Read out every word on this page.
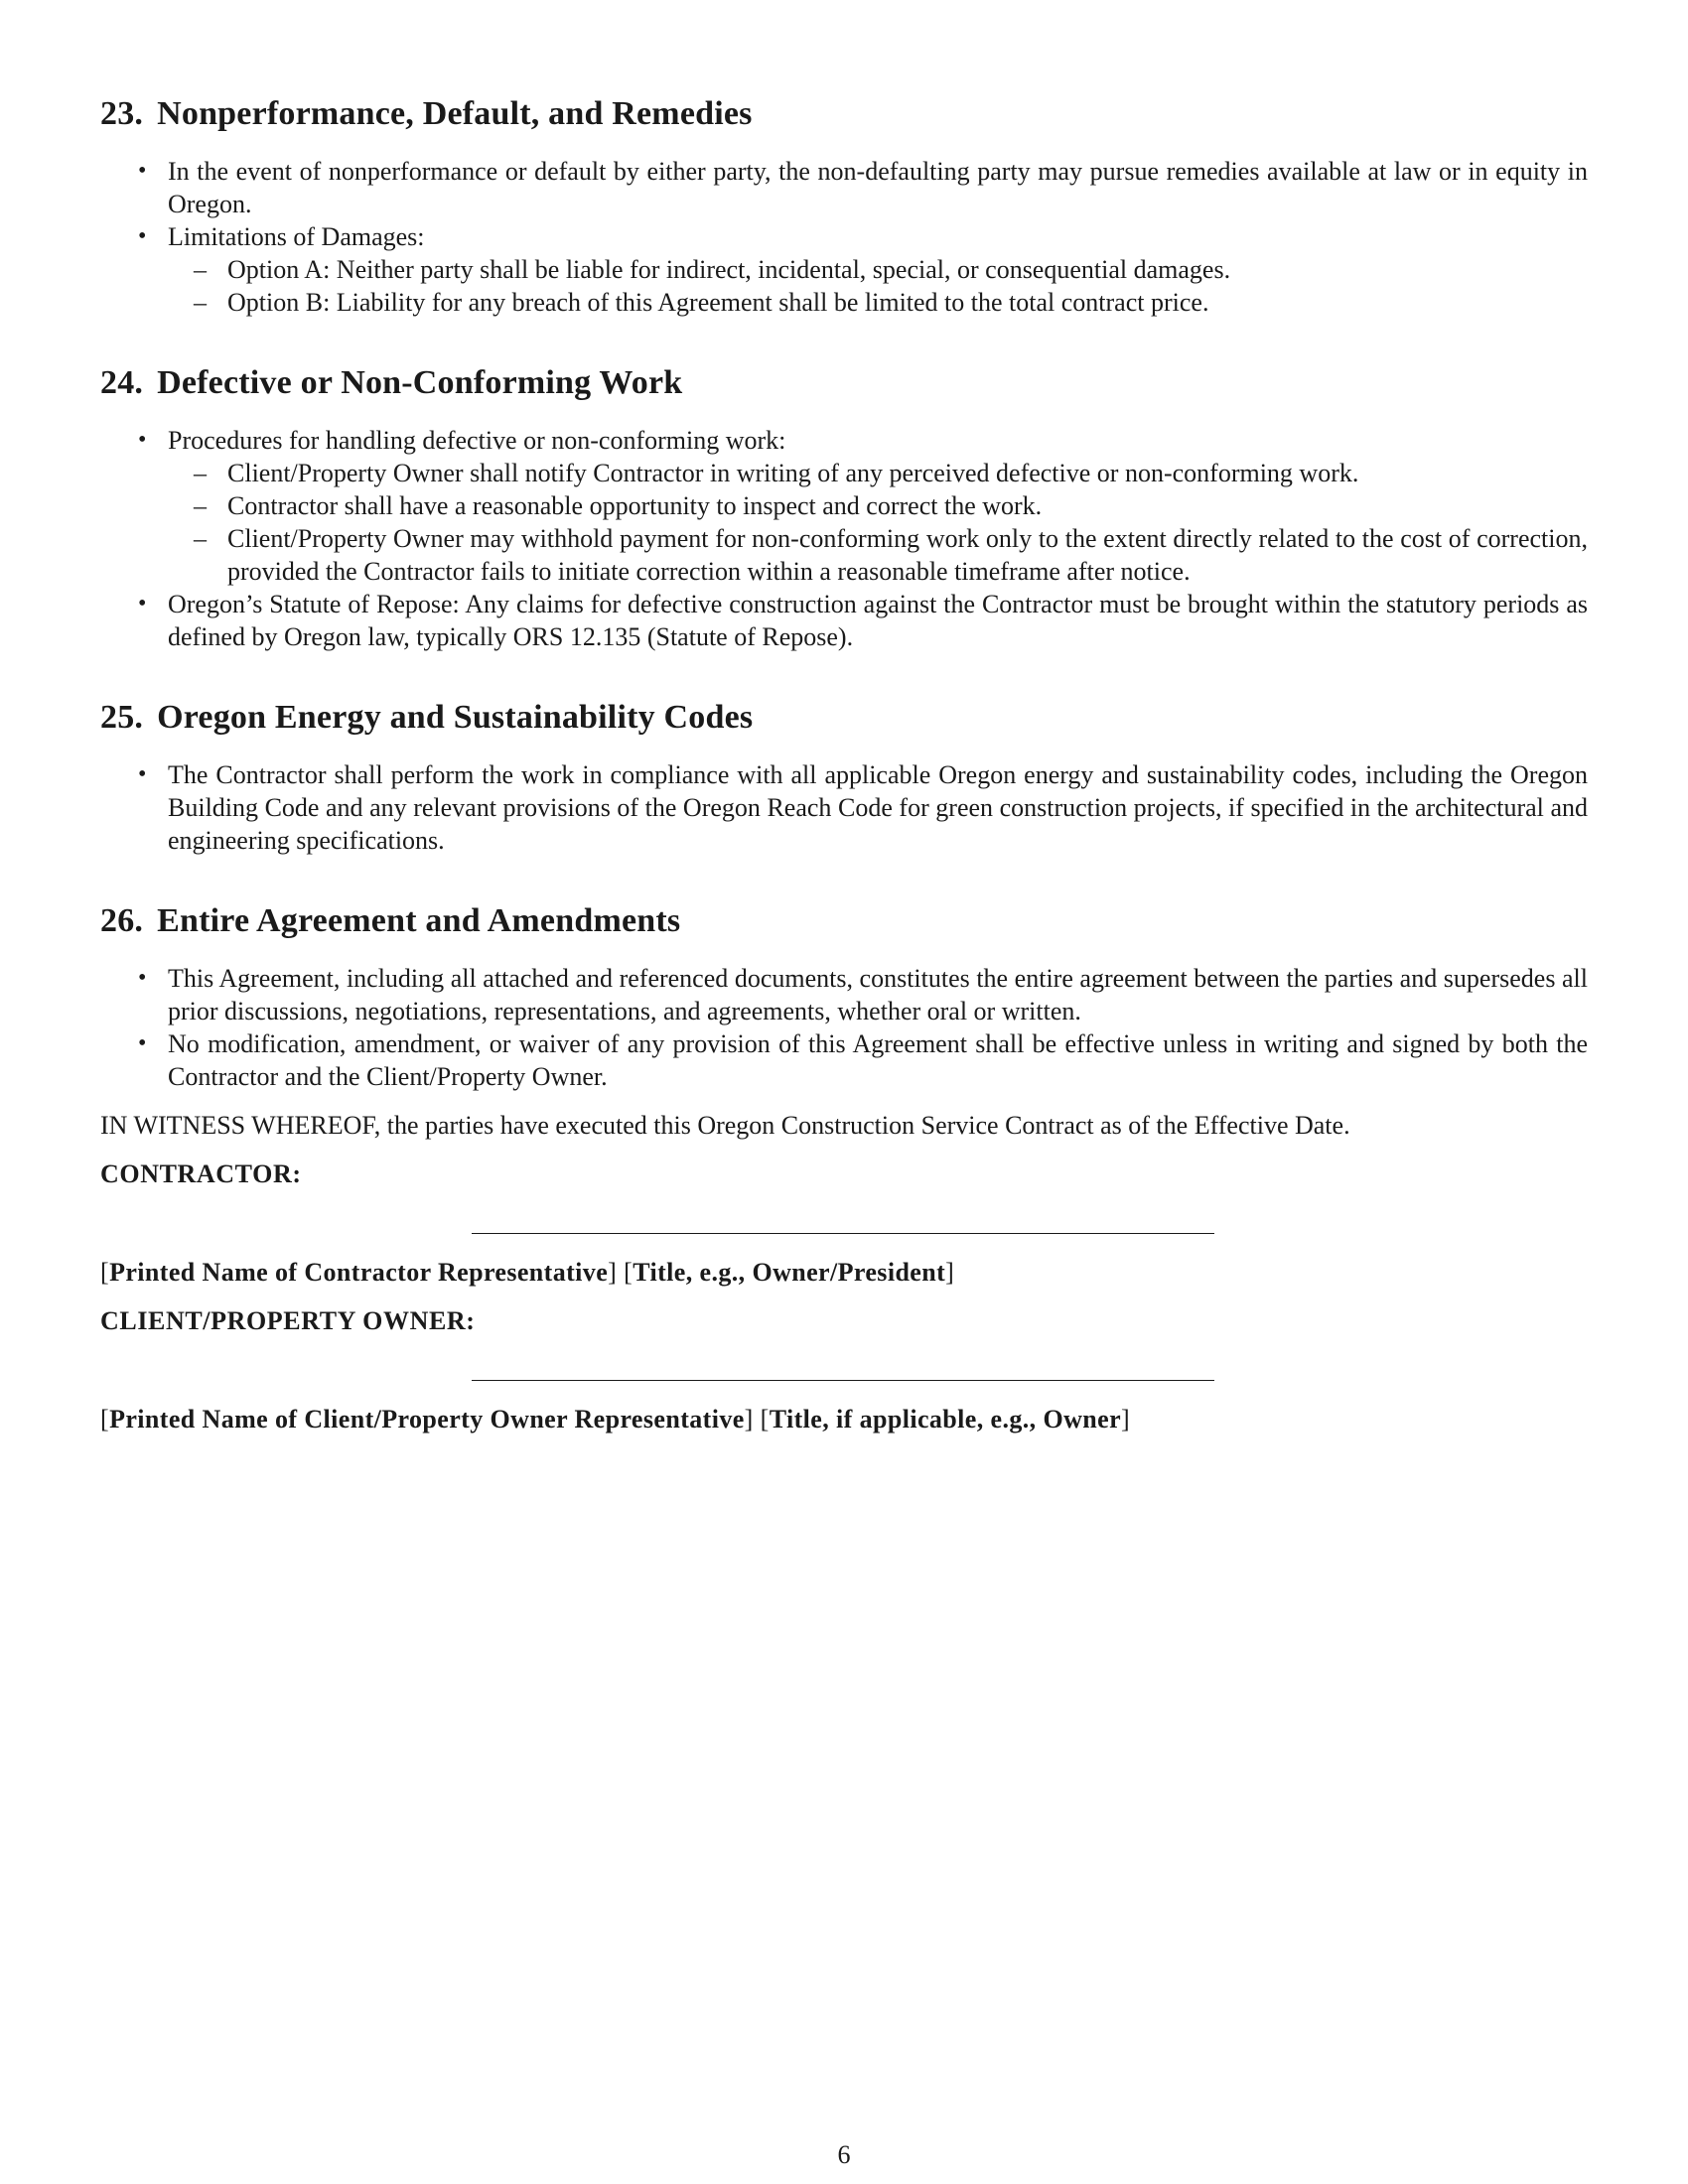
23. Nonperformance, Default, and Remedies
• In the event of nonperformance or default by either party, the non-defaulting party may pursue remedies available at law or in equity in Oregon.
• Limitations of Damages:
– Option A: Neither party shall be liable for indirect, incidental, special, or consequential damages.
– Option B: Liability for any breach of this Agreement shall be limited to the total contract price.
24. Defective or Non-Conforming Work
• Procedures for handling defective or non-conforming work:
– Client/Property Owner shall notify Contractor in writing of any perceived defective or non-conforming work.
– Contractor shall have a reasonable opportunity to inspect and correct the work.
– Client/Property Owner may withhold payment for non-conforming work only to the extent directly related to the cost of correction, provided the Contractor fails to initiate correction within a reasonable timeframe after notice.
• Oregon’s Statute of Repose: Any claims for defective construction against the Contractor must be brought within the statutory periods as defined by Oregon law, typically ORS 12.135 (Statute of Repose).
25. Oregon Energy and Sustainability Codes
• The Contractor shall perform the work in compliance with all applicable Oregon energy and sustainability codes, including the Oregon Building Code and any relevant provisions of the Oregon Reach Code for green construction projects, if specified in the architectural and engineering specifications.
26. Entire Agreement and Amendments
• This Agreement, including all attached and referenced documents, constitutes the entire agreement between the parties and supersedes all prior discussions, negotiations, representations, and agreements, whether oral or written.
• No modification, amendment, or waiver of any provision of this Agreement shall be effective unless in writing and signed by both the Contractor and the Client/Property Owner.

IN WITNESS WHEREOF, the parties have executed this Oregon Construction Service Contract as of the Effective Date.

CONTRACTOR:

[Printed Name of Contractor Representative] [Title, e.g., Owner/President]

CLIENT/PROPERTY OWNER:

[Printed Name of Client/Property Owner Representative] [Title, if applicable, e.g., Owner]

6
